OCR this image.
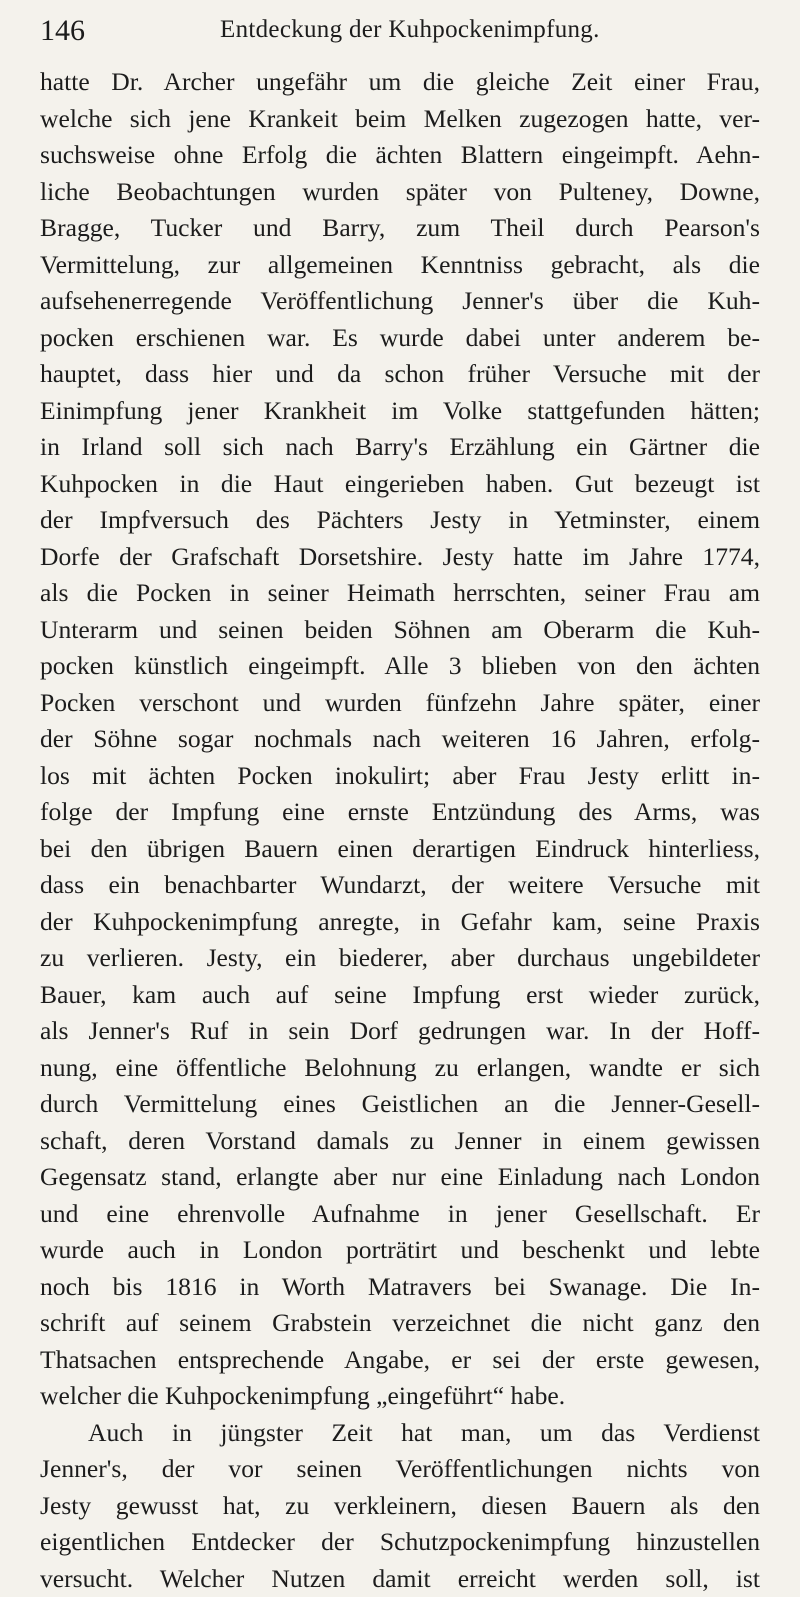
146	Entdeckung der Kuhpockenimpfung.
hatte Dr. Archer ungefähr um die gleiche Zeit einer Frau,
welche sich jene Krankeit beim Melken zugezogen hatte, ver-
suchsweise ohne Erfolg die ächten Blattern eingeimpft. Aehn-
liche Beobachtungen wurden später von Pulteney, Downe,
Bragge, Tucker und Barry, zum Theil durch Pearson's
Vermittelung, zur allgemeinen Kenntniss gebracht, als die
aufsehenerregende Veröffentlichung Jenner's über die Kuh-
pocken erschienen war. Es wurde dabei unter anderem be-
hauptet, dass hier und da schon früher Versuche mit der
Einimpfung jener Krankheit im Volke stattgefunden hätten;
in Irland soll sich nach Barry's Erzählung ein Gärtner die
Kuhpocken in die Haut eingerieben haben. Gut bezeugt ist
der Impfversuch des Pächters Jesty in Yetminster, einem
Dorfe der Grafschaft Dorsetshire. Jesty hatte im Jahre 1774,
als die Pocken in seiner Heimath herrschten, seiner Frau am
Unterarm und seinen beiden Söhnen am Oberarm die Kuh-
pocken künstlich eingeimpft. Alle 3 blieben von den ächten
Pocken verschont und wurden fünfzehn Jahre später, einer
der Söhne sogar nochmals nach weiteren 16 Jahren, erfolg-
los mit ächten Pocken inokulirt; aber Frau Jesty erlitt in-
folge der Impfung eine ernste Entzündung des Arms, was
bei den übrigen Bauern einen derartigen Eindruck hinterliess,
dass ein benachbarter Wundarzt, der weitere Versuche mit
der Kuhpockenimpfung anregte, in Gefahr kam, seine Praxis
zu verlieren. Jesty, ein biederer, aber durchaus ungebildeter
Bauer, kam auch auf seine Impfung erst wieder zurück,
als Jenner's Ruf in sein Dorf gedrungen war. In der Hoff-
nung, eine öffentliche Belohnung zu erlangen, wandte er sich
durch Vermittelung eines Geistlichen an die Jenner-Gesell-
schaft, deren Vorstand damals zu Jenner in einem gewissen
Gegensatz stand, erlangte aber nur eine Einladung nach London
und eine ehrenvolle Aufnahme in jener Gesellschaft. Er
wurde auch in London porträtirt und beschenkt und lebte
noch bis 1816 in Worth Matravers bei Swanage. Die In-
schrift auf seinem Grabstein verzeichnet die nicht ganz den
Thatsachen entsprechende Angabe, er sei der erste gewesen,
welcher die Kuhpockenimpfung „eingeführt“ habe.
Auch in jüngster Zeit hat man, um das Verdienst
Jenner's, der vor seinen Veröffentlichungen nichts von
Jesty gewusst hat, zu verkleinern, diesen Bauern als den
eigentlichen Entdecker der Schutzpockenimpfung hinzustellen
versucht. Welcher Nutzen damit erreicht werden soll, ist
